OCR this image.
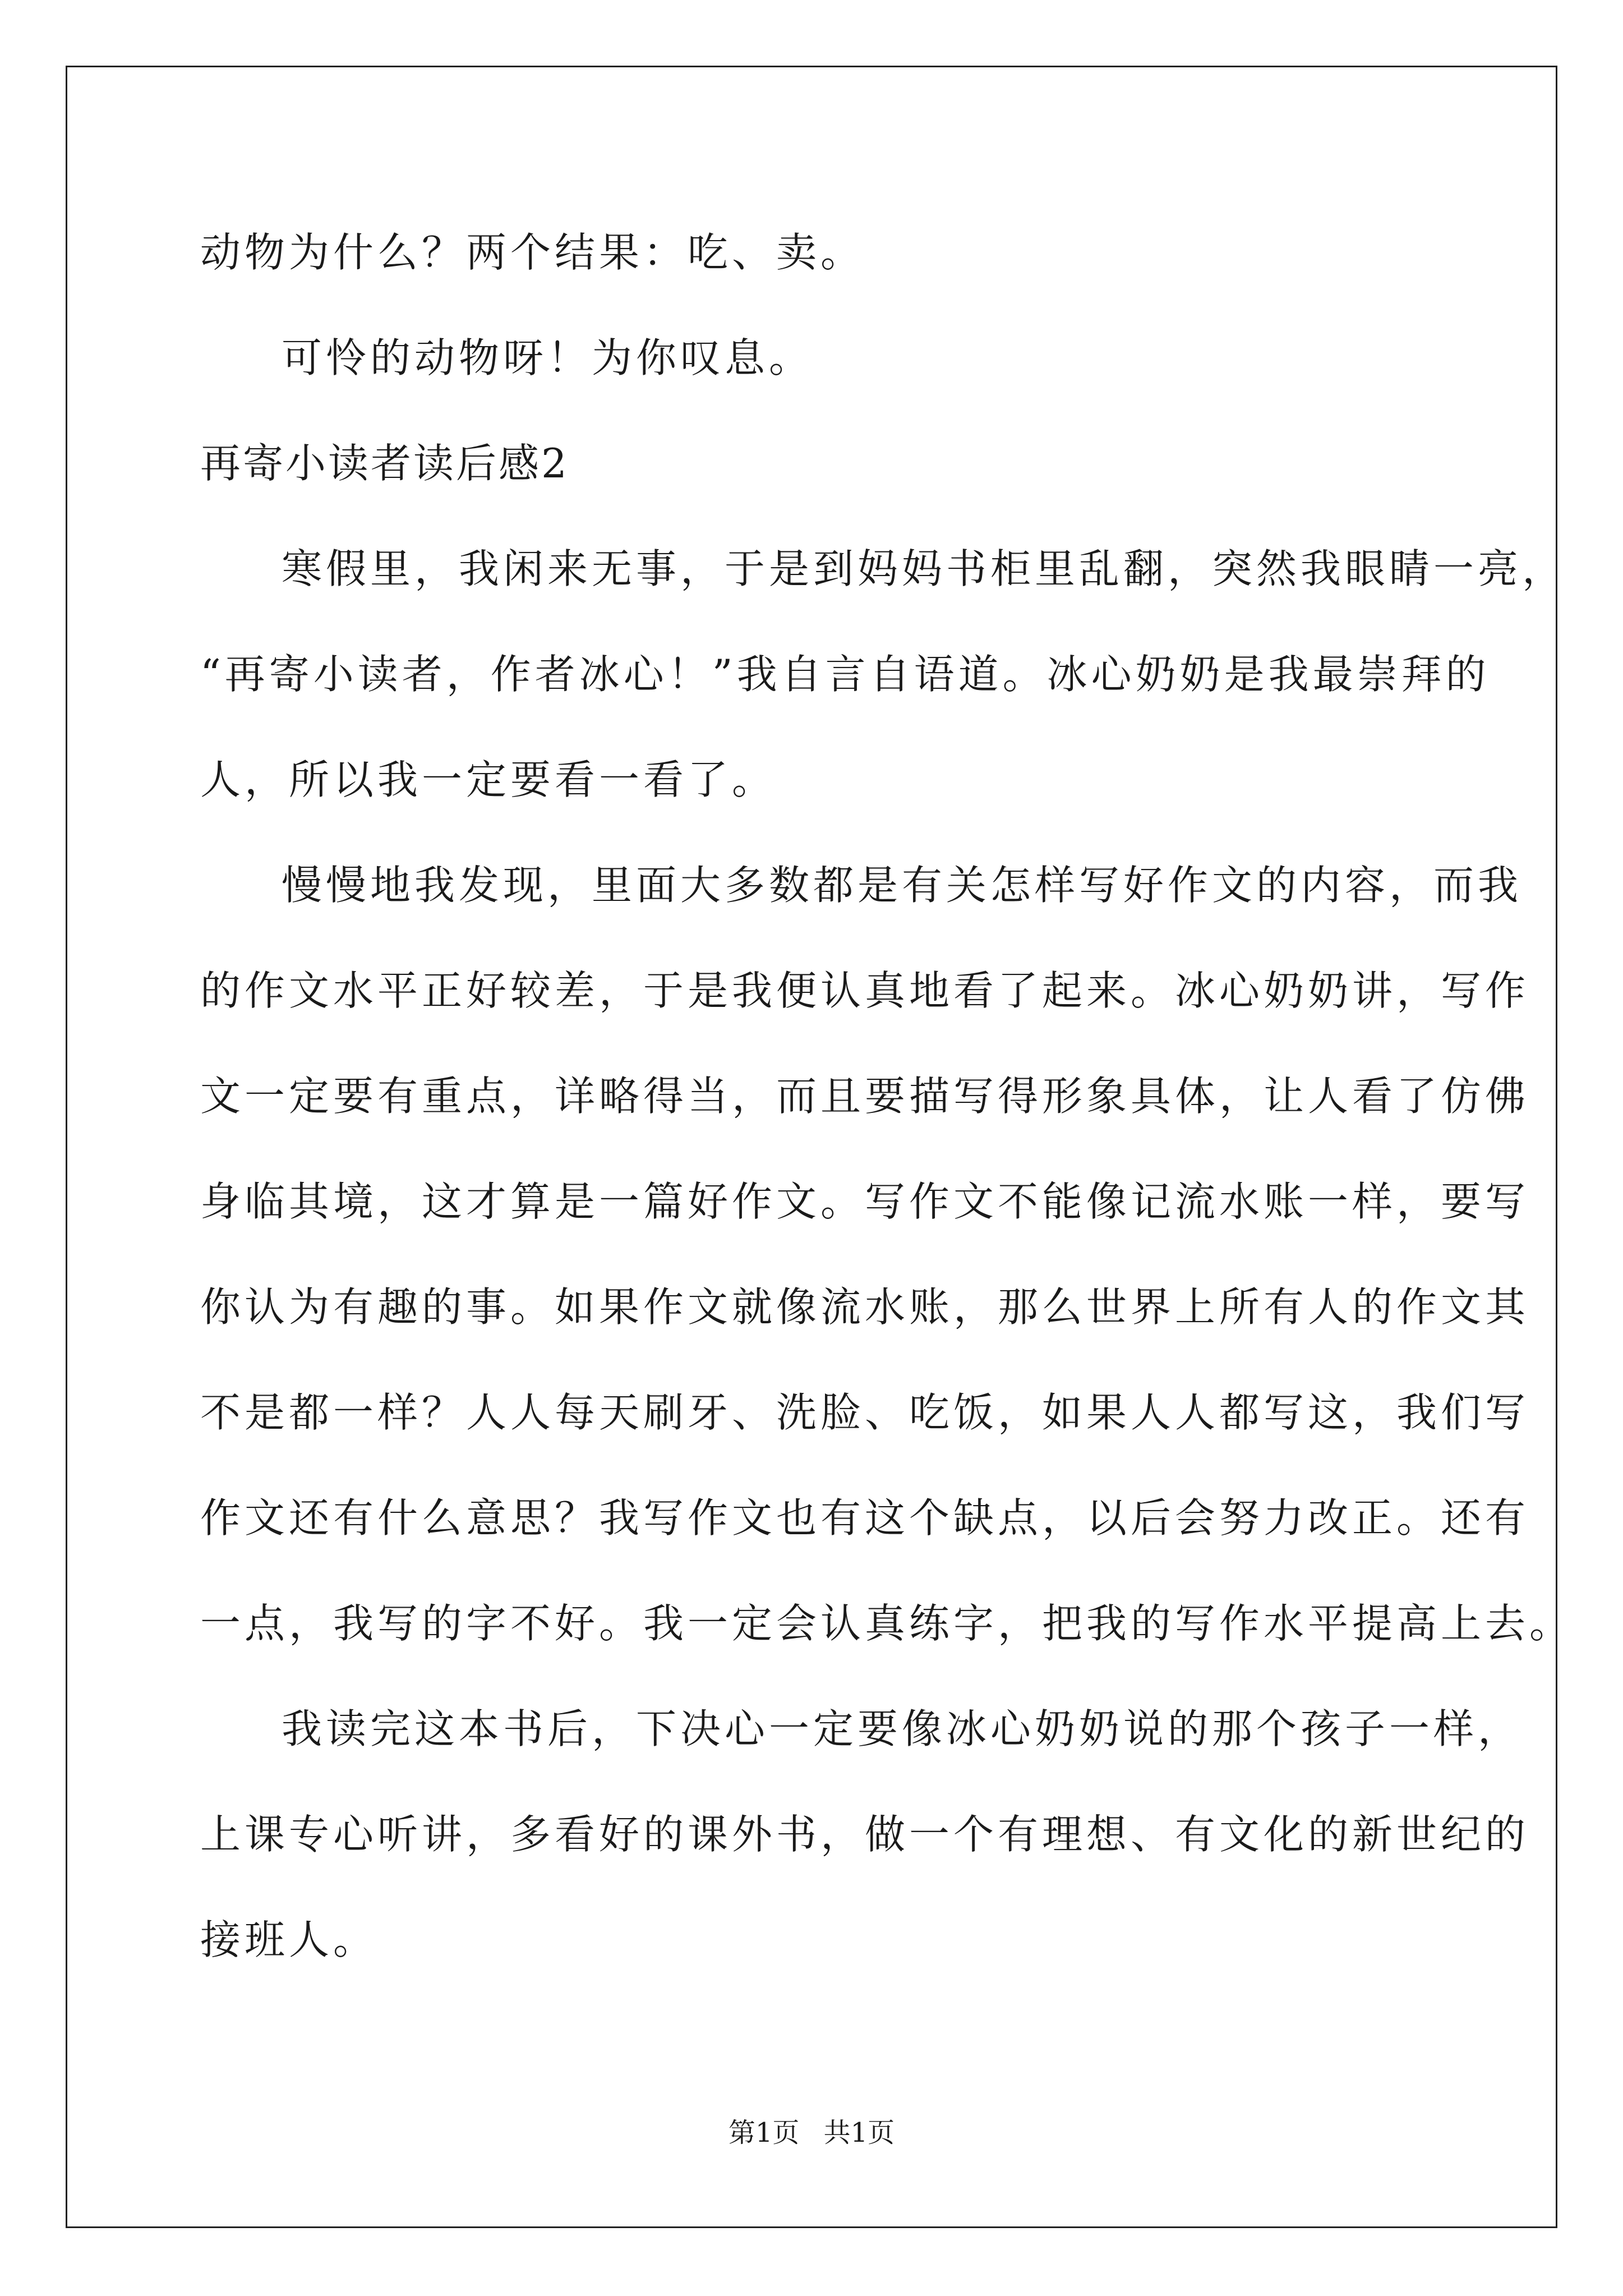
动物为什么？两个结果：吃、卖。
可怜的动物呀！为你叹息。
再寄小读者读后感2
寒假里，我闲来无事，于是到妈妈书柜里乱翻，突然我眼睛一亮，
“再寄小读者，作者冰心！”我自言自语道。冰心奶奶是我最崇拜的
人，所以我一定要看一看了。
慢慢地我发现，里面大多数都是有关怎样写好作文的内容，而我
的作文水平正好较差，于是我便认真地看了起来。冰心奶奶讲，写作
文一定要有重点，详略得当，而且要描写得形象具体，让人看了仿佛
身临其境，这才算是一篇好作文。写作文不能像记流水账一样，要写
你认为有趣的事。如果作文就像流水账，那么世界上所有人的作文其
不是都一样？人人每天刷牙、洗脸、吃饭，如果人人都写这，我们写
作文还有什么意思？我写作文也有这个缺点，以后会努力改正。还有
一点，我写的字不好。我一定会认真练字，把我的写作水平提高上去。
我读完这本书后，下决心一定要像冰心奶奶说的那个孩子一样，
上课专心听讲，多看好的课外书，做一个有理想、有文化的新世纪的
接班人。
第1页 共1页
